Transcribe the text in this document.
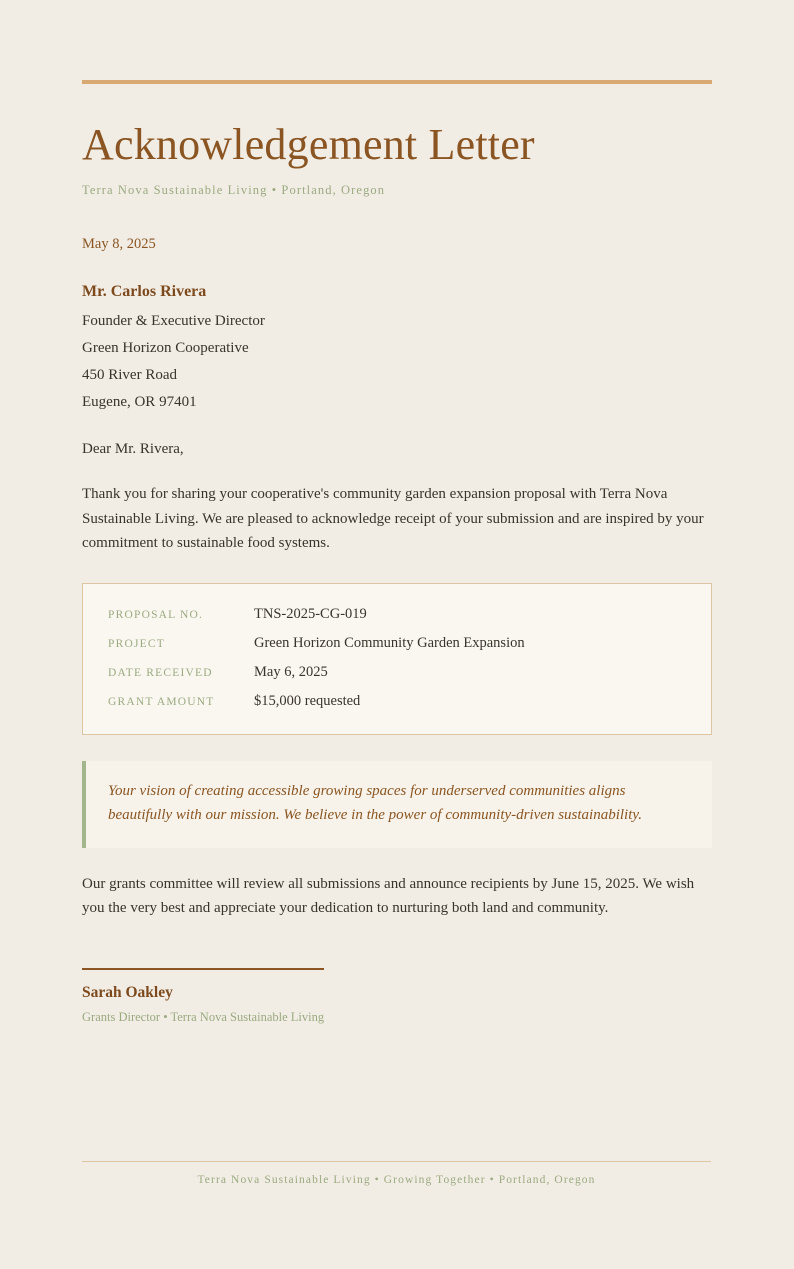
Acknowledgement Letter
Terra Nova Sustainable Living • Portland, Oregon
May 8, 2025
Mr. Carlos Rivera
Founder & Executive Director
Green Horizon Cooperative
450 River Road
Eugene, OR 97401
Dear Mr. Rivera,

Thank you for sharing your cooperative's community garden expansion proposal with Terra Nova Sustainable Living. We are pleased to acknowledge receipt of your submission and are inspired by your commitment to sustainable food systems.

PROPOSAL NO.	TNS-2025-CG-019
PROJECT	Green Horizon Community Garden Expansion
DATE RECEIVED	May 6, 2025
GRANT AMOUNT	$15,000 requested
Your vision of creating accessible growing spaces for underserved communities aligns beautifully with our mission. We believe in the power of community-driven sustainability.

Our grants committee will review all submissions and announce recipients by June 15, 2025. We wish you the very best and appreciate your dedication to nurturing both land and community.

Sarah Oakley
Grants Director • Terra Nova Sustainable Living
Terra Nova Sustainable Living • Growing Together • Portland, Oregon
